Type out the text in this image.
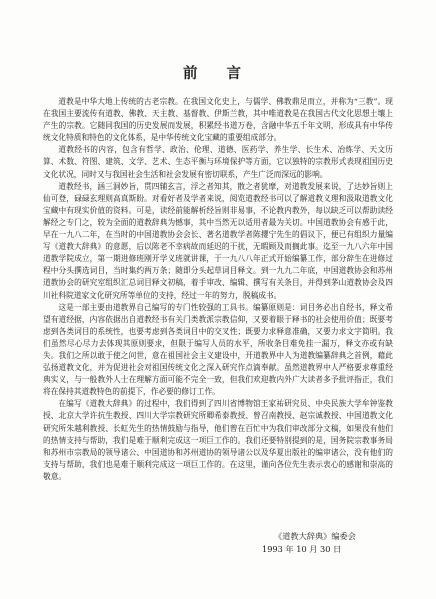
前 言

道教是中华大地上传统的古老宗教。在我国文化史上，与儒学、佛教鼎足而立，并称为“三教”。现在我国主要流传有道教、佛教、天主教、基督教、伊斯兰教，其中唯道教是在我国古代文化思想土壤上产生的宗教。它随同我国的历史发展而发展，积累经书道万卷，含融中华五千年文明，形成具有中华传统文化特质和特色的文化体系，是中华传统文化宝藏的重要组成部分。

道教经书的内容，包含有哲学、政治、伦理、道德、医药学、养生学、长生术、冶炼学、天文历算、术数、符图、建筑、文学、艺术、生态平衡与环境保护等方面，它以独特的宗教形式表现祖国历史文化状况，同时又与我国社会生活和社会发展有密切联系，产生广泛而深远的影响。

道教经书，涵三洞妙旨，贯四辅玄言，浮之者知其，散之者犹摩，对道教发展来说，了达妙旨则上仙可登，碌碌玄理则高真斯盼。对看好者及学者来说，阅览道教经书可以了解道教义理和汲取道教文化宝藏中有现实价值的资料。可是，读经前能解析经旨则非易事，不论教内教外，每以缺乏可以帮助读经解经之专门之，较为全面的道教辞典为憾事，其中当然无以适用者最为关切。中国道教协会有感于此，早在一九八二年，在当时的中国道教协会会长、著名道教学者陈攖宁先生的倡议下，便已有组织力量编写《道教大辞典》的意愿，后以陈老不幸病故而延迟的干扰，无暇顾及而搁此事。迄至一九八六年中国道教学院成立，第一期进修班刚开学义班就讲课，于一九八八年正式开始编纂工作，部分辞生在进修过程中分头撰选词目，当时集约两万条；随即分头起草词目释文。到一九九二年底，中国道教协会和苏州道教协会的研究室组织汇总词目释文初稿，着手审改、编辑、撰写有关条目，并得到茅山道教协会及四川社科院道家文化研究所等单位的支持，经过一年的努力，脱稿成书。

这是一部主要由道教界自己编写的专门性较强的工具书。编纂原则是：词目务必出自经书，释文希望有道经据，内容依据出自道教经书有关门类教派宗教信仰，又要着眼于释书的社会使用价值；既要考虑到各类词目的系统性，也要考虑到各类词目中的交叉性；既要力求释意准确，又要力求文字简明。我们虽然尽心尽力去体现其原则要求，但限于编写人员的水平，所收条目难免挂一漏万，释文亦或有缺失。我们之所以敢于使之问世，意在祖国社会主义建设中，开道教界中人为道教编纂辞典之首例，藉此弘扬道教文化，并为促进社会对祖国传统文化之深入研究作点滴奉献。虽然道教界中人严格要求尊重经典实义，与一般教外人士在理解方面可能不完全一致，但我们欢迎教内外广大读者多予批评指正，我们将在保持其道教特色的前提下，作必要的修订工作。

在编写《道教大辞典》的过程中，我们得到了四川省博物馆王家祐研究员、中央民族大学牟钟鉴教授、北京大学许抗生教授、四川大学宗教研究所卿希泰教授、曾召南教授、赵宗诚教授、中国道教文化研究所朱越利教授、长虹先生的热情鼓励与指导，他们曾在百忙中为我们审改部分文稿，如果没有他们的热情支持与帮助，我们是难于顺利完成这一项巨工作的。我们还要特别提到的是，国务院宗教事务局和苏州市宗教局的领导诸公、中国道协和苏州道协的领导诸公以及华夏出版社的编审诸公，没有他们的支持与帮助，我们也是难于顺利完成这一项巨工作的。在这里，谨向各位先生表示衷心的感谢和崇高的敬意。

《道教大辞典》编委会
1993 年 10 月 30 日
